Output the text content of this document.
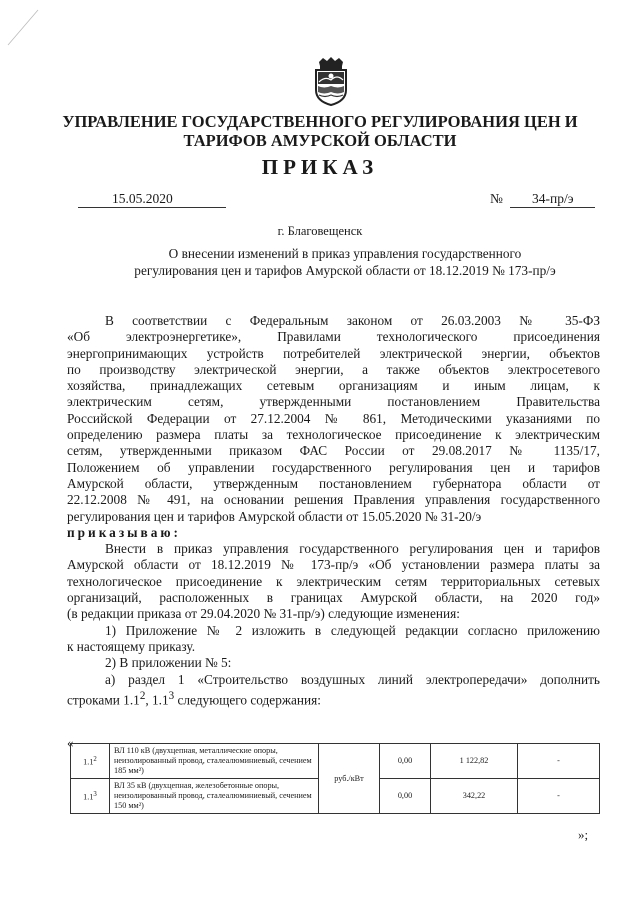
УПРАВЛЕНИЕ ГОСУДАРСТВЕННОГО РЕГУЛИРОВАНИЯ ЦЕН И
ТАРИФОВ АМУРСКОЙ ОБЛАСТИ
ПРИКАЗ
15.05.2020	№ 34-пр/э
г. Благовещенск
О внесении изменений в приказ управления государственного
регулирования цен и тарифов Амурской области от 18.12.2019 № 173-пр/э
В соответствии с Федеральным законом от 26.03.2003 № 35-ФЗ
«Об электроэнергетике», Правилами технологического присоединения
энергопринимающих устройств потребителей электрической энергии, объектов
по производству электрической энергии, а также объектов электросетевого
хозяйства, принадлежащих сетевым организациям и иным лицам, к
электрическим сетям, утвержденными постановлением Правительства
Российской Федерации от 27.12.2004 № 861, Методическими указаниями по
определению размера платы за технологическое присоединение к электрическим
сетям, утвержденными приказом ФАС России от 29.08.2017 № 1135/17,
Положением об управлении государственного регулирования цен и тарифов
Амурской области, утвержденным постановлением губернатора области от
22.12.2008 № 491, на основании решения Правления управления государственного
регулирования цен и тарифов Амурской области от 15.05.2020 № 31-20/э
приказываю:
Внести в приказ управления государственного регулирования цен и тарифов
Амурской области от 18.12.2019 № 173-пр/э «Об установлении размера платы за
технологическое присоединение к электрическим сетям территориальных сетевых
организаций, расположенных в границах Амурской области, на 2020 год»
(в редакции приказа от 29.04.2020 № 31-пр/э) следующие изменения:
1) Приложение № 2 изложить в следующей редакции согласно приложению
к настоящему приказу.
2) В приложении № 5:
а) раздел 1 «Строительство воздушных линий электропередачи» дополнить
строками $1.1^2$, $1.1^3$ следующего содержания:
«
$1.1^2$	ВЛ 110 кВ (двухцепная, металлические опоры, неизолированный провод, сталеалюминиевый, сечением 185 мм²)	руб./кВт	0,00	1 122,82	-
$1.1^3$	ВЛ 35 кВ (двухцепная, железобетонные опоры, неизолированный провод, сталеалюминиевый, сечением 150 мм²)		0,00	342,22	-
»;
